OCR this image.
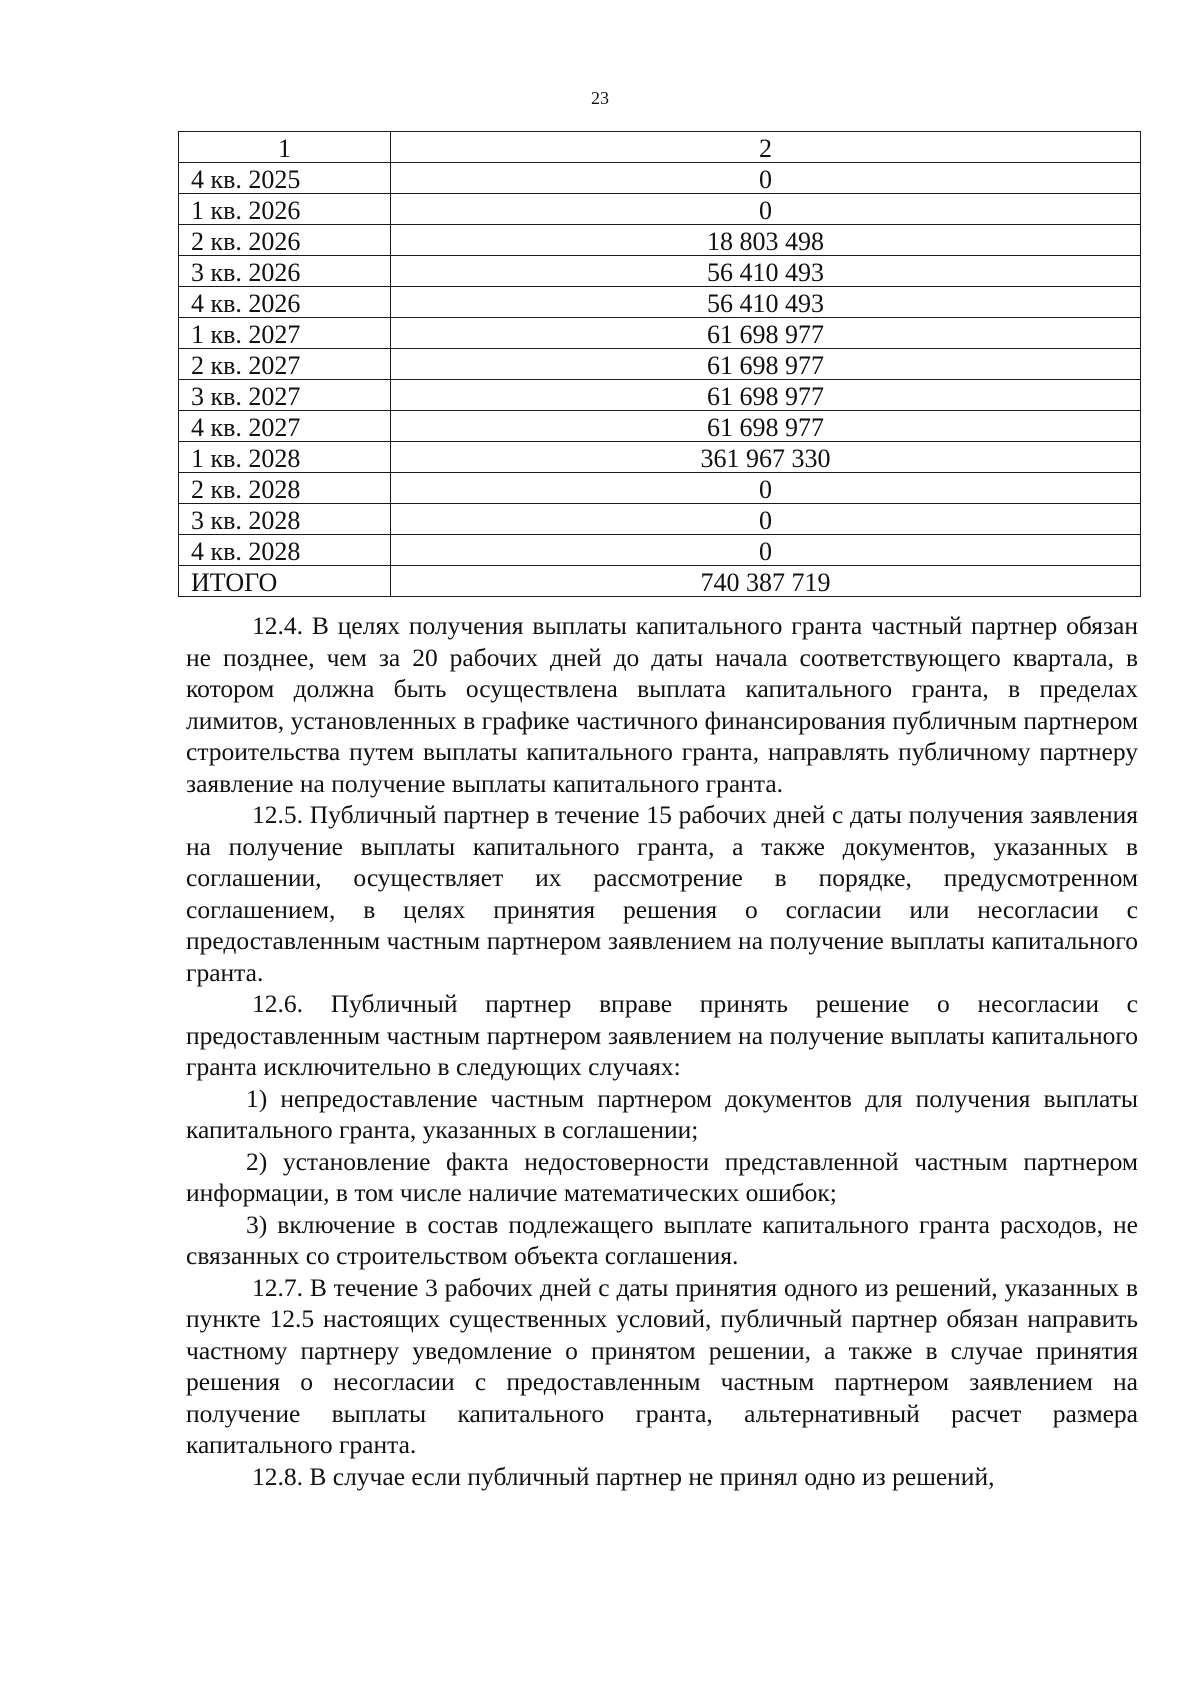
23
1	2
4 кв. 2025	0
1 кв. 2026	0
2 кв. 2026	18 803 498
3 кв. 2026	56 410 493
4 кв. 2026	56 410 493
1 кв. 2027	61 698 977
2 кв. 2027	61 698 977
3 кв. 2027	61 698 977
4 кв. 2027	61 698 977
1 кв. 2028	361 967 330
2 кв. 2028	0
3 кв. 2028	0
4 кв. 2028	0
ИТОГО	740 387 719

12.4. В целях получения выплаты капитального гранта частный партнер обязан не позднее, чем за 20 рабочих дней до даты начала соответствующего квартала, в котором должна быть осуществлена выплата капитального гранта, в пределах лимитов, установленных в графике частичного финансирования публичным партнером строительства путем выплаты капитального гранта, направлять публичному партнеру заявление на получение выплаты капитального гранта.

12.5. Публичный партнер в течение 15 рабочих дней с даты получения заявления на получение выплаты капитального гранта, а также документов, указанных в соглашении, осуществляет их рассмотрение в порядке, предусмотренном соглашением, в целях принятия решения о согласии или несогласии с предоставленным частным партнером заявлением на получение выплаты капитального гранта.

12.6. Публичный партнер вправе принять решение о несогласии с предоставленным частным партнером заявлением на получение выплаты капитального гранта исключительно в следующих случаях:

1) непредоставление частным партнером документов для получения выплаты капитального гранта, указанных в соглашении;

2) установление факта недостоверности представленной частным партнером информации, в том числе наличие математических ошибок;

3) включение в состав подлежащего выплате капитального гранта расходов, не связанных со строительством объекта соглашения.

12.7. В течение 3 рабочих дней с даты принятия одного из решений, указанных в пункте 12.5 настоящих существенных условий, публичный партнер обязан направить частному партнеру уведомление о принятом решении, а также в случае принятия решения о несогласии с предоставленным частным партнером заявлением на получение выплаты капитального гранта, альтернативный расчет размера капитального гранта.

12.8. В случае если публичный партнер не принял одно из решений,
